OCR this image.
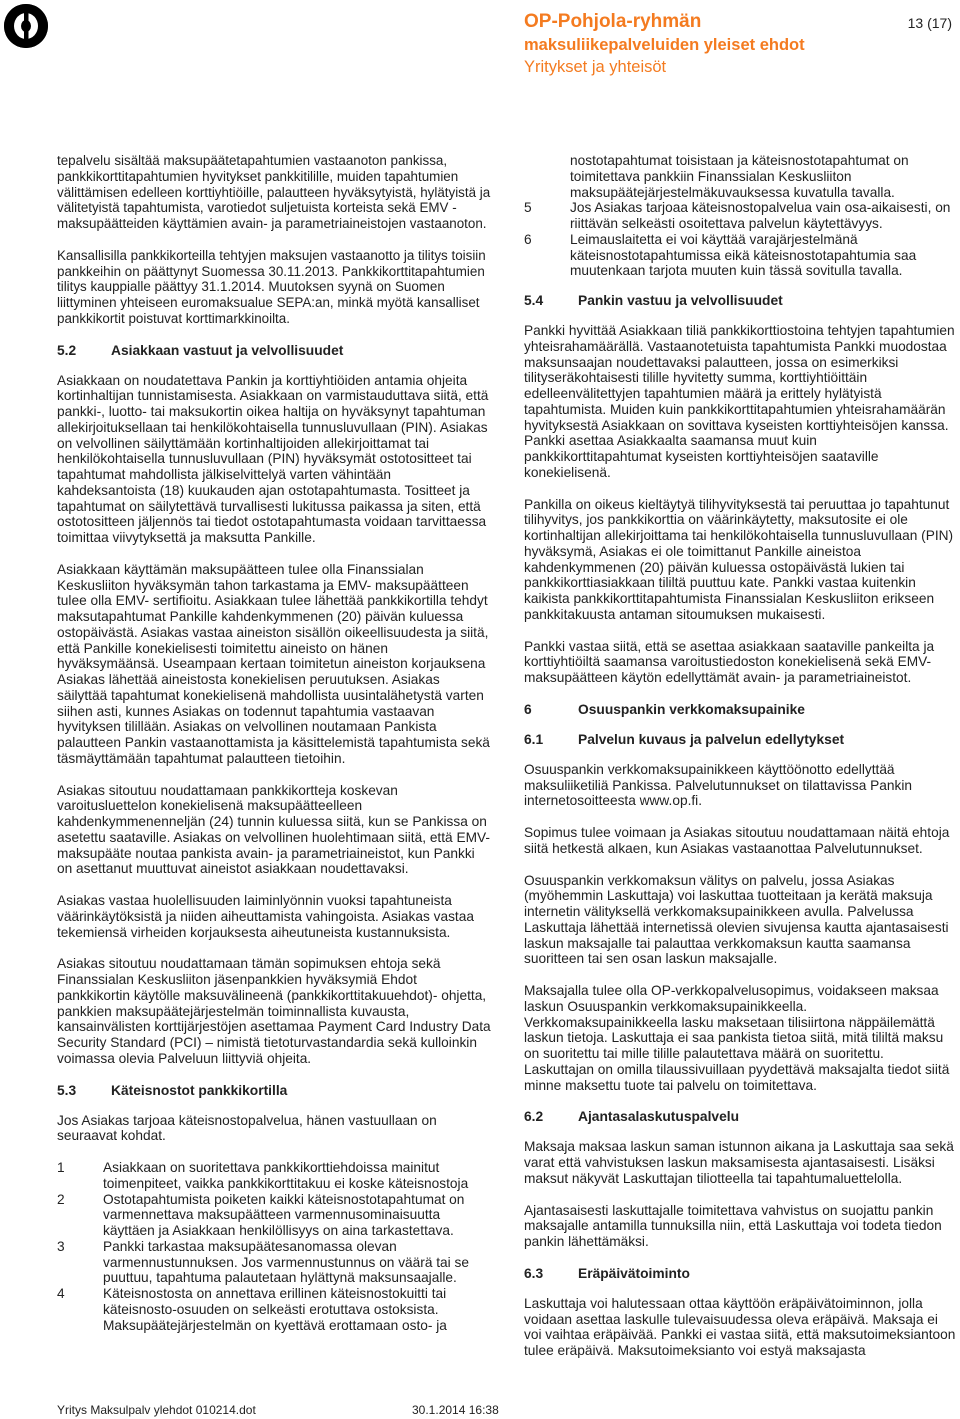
OP-Pohjola-ryhmän
maksuliikepalveluiden yleiset ehdot
Yritykset ja yhteisöt
13 (17)

tepalvelu sisältää maksupäätetapahtumien vastaanoton pankissa, pankkikorttitapahtumien hyvitykset pankkitilille, muiden tapahtumien välittämisen edelleen korttiyhtiöille, palautteen hyväksytyistä, hylätyistä ja välitetyistä tapahtumista, varotiedot suljetuista korteista sekä EMV -maksupäätteiden käyttämien avain- ja parametriaineistojen vastaanoton.

Kansallisilla pankkikorteilla tehtyjen maksujen vastaanotto ja tilitys toisiin pankkeihin on päättynyt Suomessa 30.11.2013. Pankkikorttitapahtumien tilitys kauppialle päättyy 31.1.2014. Muutoksen syynä on Suomen liittyminen yhteiseen euromaksualue SEPA:an, minkä myötä kansalliset pankkikortit poistuvat korttimarkkinoilta.

5.2	Asiakkaan vastuut ja velvollisuudet

Asiakkaan on noudatettava Pankin ja korttiyhtiöiden antamia ohjeita kortinhaltijan tunnistamisesta. Asiakkaan on varmistauduttava siitä, että pankki-, luotto- tai maksukortin oikea haltija on hyväksynyt tapahtuman allekirjoituksellaan tai henkilökohtaisella tunnusluvullaan (PIN). Asiakas on velvollinen säilyttämään kortinhaltijoiden allekirjoittamat tai henkilökohtaisella tunnusluvullaan (PIN) hyväksymät ostotositteet tai tapahtumat mahdollista jälkiselvittelyä varten vähintään kahdeksantoista (18) kuukauden ajan ostotapahtumasta. Tositteet ja tapahtumat on säilytettävä turvallisesti lukitussa paikassa ja siten, että ostotositteen jäljennös tai tiedot ostotapahtumasta voidaan tarvittaessa toimittaa viivytyksettä ja maksutta Pankille.

Asiakkaan käyttämän maksupäätteen tulee olla Finanssialan Keskusliiton hyväksymän tahon tarkastama ja EMV- maksupäätteen tulee olla EMV- sertifioitu. Asiakkaan tulee lähettää pankkikortilla tehdyt maksutapahtumat Pankille kahdenkymmenen (20) päivän kuluessa ostopäivästä. Asiakas vastaa aineiston sisällön oikeellisuudesta ja siitä, että Pankille konekielisesti toimitettu aineisto on hänen hyväksymäänsä. Useampaan kertaan toimitetun aineiston korjauksena Asiakas lähettää aineistosta konekielisen peruutuksen. Asiakas säilyttää tapahtumat konekielisenä mahdollista uusintalähetystä varten siihen asti, kunnes Asiakas on todennut tapahtumia vastaavan hyvityksen tilillään. Asiakas on velvollinen noutamaan Pankista palautteen Pankin vastaanottamista ja käsittelemistä tapahtumista sekä täsmäyttämään tapahtumat palautteen tietoihin.

Asiakas sitoutuu noudattamaan pankkikortteja koskevan varoitusluettelon konekielisenä maksupäätteelleen kahdenkymmenenneljän (24) tunnin kuluessa siitä, kun se Pankissa on asetettu saataville. Asiakas on velvollinen huolehtimaan siitä, että EMV- maksupääte noutaa pankista avain- ja parametriaineistot, kun Pankki on asettanut muuttuvat aineistot asiakkaan noudettavaksi.

Asiakas vastaa huolellisuuden laiminlyönnin vuoksi tapahtuneista väärinkäytöksistä ja niiden aiheuttamista vahingoista. Asiakas vastaa tekemiensä virheiden korjauksesta aiheutuneista kustannuksista.

Asiakas sitoutuu noudattamaan tämän sopimuksen ehtoja sekä Finanssialan Keskusliiton jäsenpankkien hyväksymiä Ehdot pankkikortin käytölle maksuvälineenä (pankkikorttitakuuehdot)- ohjetta, pankkien maksupäätejärjestelmän toiminnallista kuvausta, kansainvälisten korttijärjestöjen asettamaa Payment Card Industry Data Security Standard (PCI) – nimistä tietoturvastandardia sekä kulloinkin voimassa olevia Palveluun liittyviä ohjeita.

5.3	Käteisnostot pankkikortilla

Jos Asiakas tarjoaa käteisnostopalvelua, hänen vastuullaan on seuraavat kohdat.

1	Asiakkaan on suoritettava pankkikorttiehdoissa mainitut toimenpiteet, vaikka pankkikorttitakuu ei koske käteisnostoja
2	Ostotapahtumista poiketen kaikki käteisnostotapahtumat on varmennettava maksupäätteen varmennusominaisuutta käyttäen ja Asiakkaan henkilöllisyys on aina tarkastettava.
3	Pankki tarkastaa maksupäätesanomassa olevan varmennustunnuksen. Jos varmennustunnus on väärä tai se puuttuu, tapahtuma palautetaan hylättynä maksunsaajalle.
4	Käteisnostosta on annettava erillinen käteisnostokuitti tai käteisnosto-osuuden on selkeästi erotuttava ostoksista. Maksupäätejärjestelmän on kyettävä erottamaan osto- ja
nostotapahtumat toisistaan ja käteisnostotapahtumat on toimitettava pankkiin Finanssialan Keskusliiton maksupäätejärjestelmäkuvauksessa kuvatulla tavalla.
5	Jos Asiakas tarjoaa käteisnostopalvelua vain osa-aikaisesti, on riittävän selkeästi osoitettava palvelun käytettävyys.
6	Leimauslaitetta ei voi käyttää varajärjestelmänä käteisnostotapahtumissa eikä käteisnostotapahtumia saa muutenkaan tarjota muuten kuin tässä sovitulla tavalla.
5.4	Pankin vastuu ja velvollisuudet

Pankki hyvittää Asiakkaan tiliä pankkikorttiostoina tehtyjen tapahtumien yhteisrahamäärällä. Vastaanotetuista tapahtumista Pankki muodostaa maksunsaajan noudettavaksi palautteen, jossa on esimerkiksi tilityseräkohtaisesti tilille hyvitetty summa, korttiyhtiöittäin edelleenvälitettyjen tapahtumien määrä ja erittely hylätyistä tapahtumista. Muiden kuin pankkikorttitapahtumien yhteisrahamäärän hyvityksestä Asiakkaan on sovittava kyseisten korttiyhteisöjen kanssa. Pankki asettaa Asiakkaalta saamansa muut kuin pankkikorttitapahtumat kyseisten korttiyhteisöjen saataville konekielisenä.

Pankilla on oikeus kieltäytyä tilihyvityksestä tai peruuttaa jo tapahtunut tilihyvitys, jos pankkikorttia on väärinkäytetty, maksutosite ei ole kortinhaltijan allekirjoittama tai henkilökohtaisella tunnusluvullaan (PIN) hyväksymä, Asiakas ei ole toimittanut Pankille aineistoa kahdenkymmenen (20) päivän kuluessa ostopäivästä lukien tai pankkikorttiasiakkaan tililtä puuttuu kate. Pankki vastaa kuitenkin kaikista pankkikorttitapahtumista Finanssialan Keskusliiton erikseen pankkitakuusta antaman sitoumuksen mukaisesti.

Pankki vastaa siitä, että se asettaa asiakkaan saataville pankeilta ja korttiyhtiöiltä saamansa varoitustiedoston konekielisenä sekä EMV-maksupäätteen käytön edellyttämät avain- ja parametriaineistot.

6	Osuuspankin verkkomaksupainike
6.1	Palvelun kuvaus ja palvelun edellytykset

Osuuspankin verkkomaksupainikkeen käyttöönotto edellyttää maksuliiketiliä Pankissa. Palvelutunnukset on tilattavissa Pankin internetosoitteesta www.op.fi.

Sopimus tulee voimaan ja Asiakas sitoutuu noudattamaan näitä ehtoja siitä hetkestä alkaen, kun Asiakas vastaanottaa Palvelutunnukset.

Osuuspankin verkkomaksun välitys on palvelu, jossa Asiakas (myöhemmin Laskuttaja) voi laskuttaa tuotteitaan ja kerätä maksuja internetin välityksellä verkkomaksupainikkeen avulla. Palvelussa Laskuttaja lähettää internetissä olevien sivujensa kautta ajantasaisesti laskun maksajalle tai palauttaa verkkomaksun kautta saamansa suoritteen tai sen osan laskun maksajalle.

Maksajalla tulee olla OP-verkkopalvelusopimus, voidakseen maksaa laskun Osuuspankin verkkomaksupainikkeella. Verkkomaksupainikkeella lasku maksetaan tilisiirtona näppäilemättä laskun tietoja. Laskuttaja ei saa pankista tietoa siitä, mitä tililtä maksu on suoritettu tai mille tilille palautettava määrä on suoritettu. Laskuttajan on omilla tilaussivuillaan pyydettävä maksajalta tiedot siitä minne maksettu tuote tai palvelu on toimitettava.

6.2	Ajantasalaskutuspalvelu

Maksaja maksaa laskun saman istunnon aikana ja Laskuttaja saa sekä varat että vahvistuksen laskun maksamisesta ajantasaisesti. Lisäksi maksut näkyvät Laskuttajan tiliotteella tai tapahtumaluettelolla.

Ajantasaisesti laskuttajalle toimitettava vahvistus on suojattu pankin maksajalle antamilla tunnuksilla niin, että Laskuttaja voi todeta tiedon pankin lähettämäksi.

6.3	Eräpäivätoiminto

Laskuttaja voi halutessaan ottaa käyttöön eräpäivätoiminnon, jolla voidaan asettaa laskulle tulevaisuudessa oleva eräpäivä. Maksaja ei voi vaihtaa eräpäivää. Pankki ei vastaa siitä, että maksutoimeksiantoon tulee eräpäivä. Maksutoimeksianto voi estyä maksajasta

Yritys Maksulpalv ylehdot 010214.dot	30.1.2014 16:38
